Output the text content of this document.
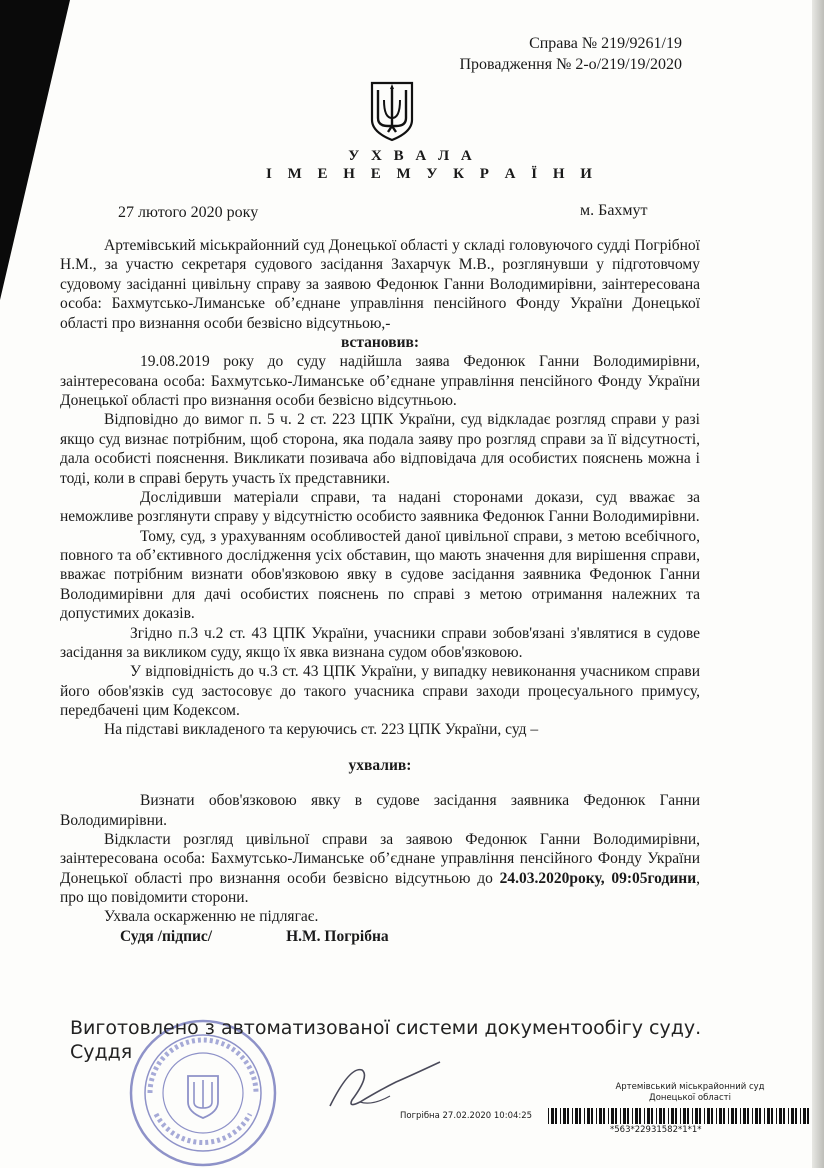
Справа № 219/9261/19
Провадження № 2-о/219/19/2020
У Х В А Л А
І М Е Н Е М У К Р А Ї Н И
27 лютого 2020 року	м. Бахмут

Артемівський міськрайонний суд Донецької області у складі головуючого судді Погрібної Н.М., за участю секретаря судового засідання Захарчук М.В., розглянувши у підготовчому судовому засіданні цивільну справу за заявою Федонюк Ганни Володимирівни, заінтересована особа: Бахмутсько-Лиманське об’єднане управління пенсійного Фонду України Донецької області про визнання особи безвісно відсутньою,-

встановив:

19.08.2019 року до суду надійшла заява Федонюк Ганни Володимирівни, заінтересована особа: Бахмутсько-Лиманське об’єднане управління пенсійного Фонду України Донецької області про визнання особи безвісно відсутньою.

Відповідно до вимог п. 5 ч. 2 ст. 223 ЦПК України, суд відкладає розгляд справи у разі якщо суд визнає потрібним, щоб сторона, яка подала заяву про розгляд справи за її відсутності, дала особисті пояснення. Викликати позивача або відповідача для особистих пояснень можна і тоді, коли в справі беруть участь їх представники.

Дослідивши матеріали справи, та надані сторонами докази, суд вважає за неможливе розглянути справу у відсутністю особисто заявника Федонюк Ганни Володимирівни.

Тому, суд, з урахуванням особливостей даної цивільної справи, з метою всебічного, повного та об’єктивного дослідження усіх обставин, що мають значення для вирішення справи, вважає потрібним визнати обов'язковою явку в судове засідання заявника Федонюк Ганни Володимирівни для дачі особистих пояснень по справі з метою отримання належних та допустимих доказів.

Згідно п.3 ч.2 ст. 43 ЦПК України, учасники справи зобов'язані з'являтися в судове засідання за викликом суду, якщо їх явка визнана судом обов'язковою.

У відповідність до ч.3 ст. 43 ЦПК України, у випадку невиконання учасником справи його обов'язків суд застосовує до такого учасника справи заходи процесуального примусу, передбачені цим Кодексом.

На підставі викладеного та керуючись ст. 223 ЦПК України, суд –

ухвалив:

Визнати обов'язковою явку в судове засідання заявника Федонюк Ганни Володимирівни.

Відкласти розгляд цивільної справи за заявою Федонюк Ганни Володимирівни, заінтересована особа: Бахмутсько-Лиманське об’єднане управління пенсійного Фонду України Донецької області про визнання особи безвісно відсутньою до 24.03.2020року, 09:05години, про що повідомити сторони.

Ухвала оскарженню не підлягає.

Судя /підпис/	Н.М. Погрібна

Виготовлено з автоматизованої системи документообігу суду.
Суддя
Артемівський міськрайонний суд
Донецької області
Погрібна 27.02.2020 10:04:25
*563*22931582*1*1*
